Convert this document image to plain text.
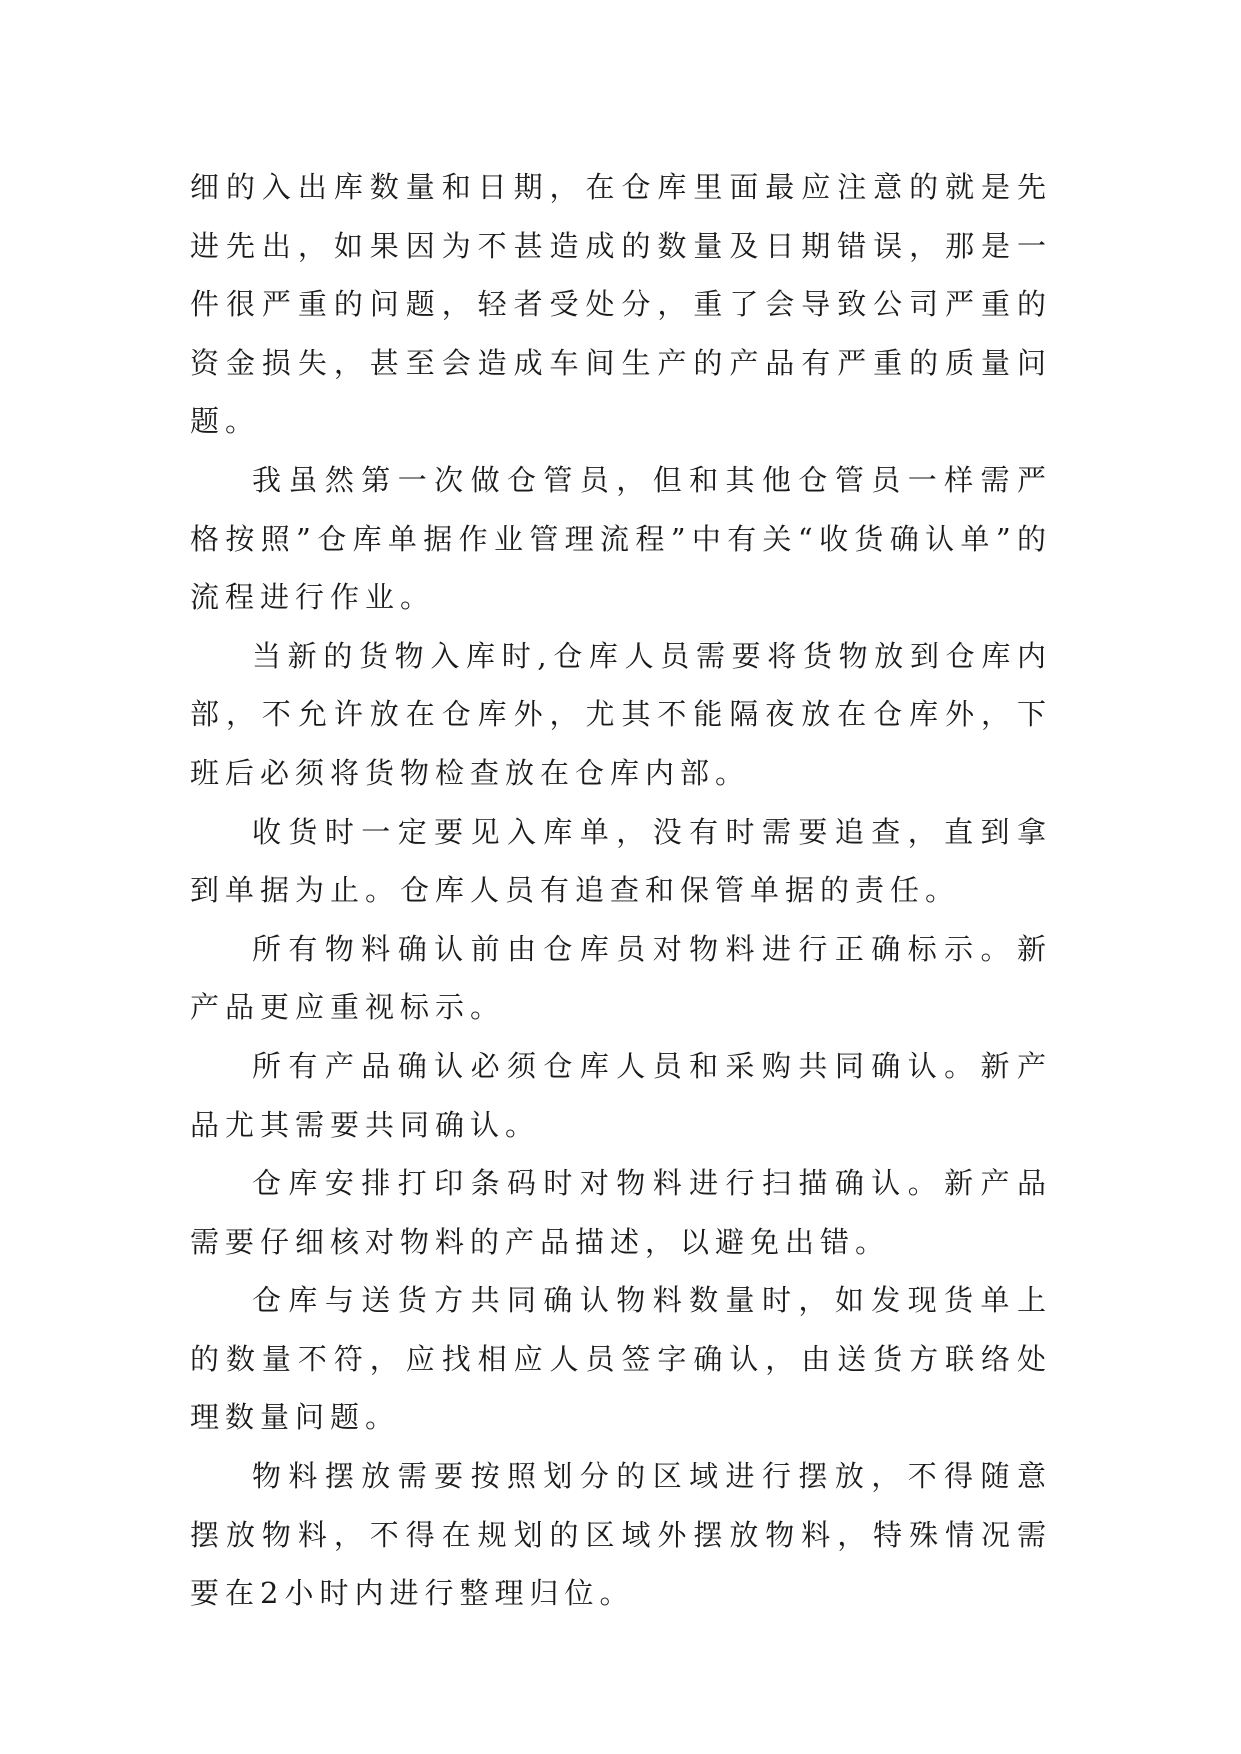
细的入出库数量和日期，在仓库里面最应注意的就是先进先出，如果因为不甚造成的数量及日期错误，那是一件很严重的问题，轻者受处分，重了会导致公司严重的资金损失，甚至会造成车间生产的产品有严重的质量问题。

我虽然第一次做仓管员，但和其他仓管员一样需严格按照”仓库单据作业管理流程”中有关“收货确认单”的流程进行作业。

当新的货物入库时,仓库人员需要将货物放到仓库内部，不允许放在仓库外，尤其不能隔夜放在仓库外，下班后必须将货物检查放在仓库内部。

收货时一定要见入库单，没有时需要追查，直到拿到单据为止。仓库人员有追查和保管单据的责任。

所有物料确认前由仓库员对物料进行正确标示。新产品更应重视标示。

所有产品确认必须仓库人员和采购共同确认。新产品尤其需要共同确认。

仓库安排打印条码时对物料进行扫描确认。新产品需要仔细核对物料的产品描述，以避免出错。

仓库与送货方共同确认物料数量时，如发现货单上的数量不符，应找相应人员签字确认，由送货方联络处理数量问题。

物料摆放需要按照划分的区域进行摆放，不得随意摆放物料，不得在规划的区域外摆放物料，特殊情况需要在2小时内进行整理归位。
